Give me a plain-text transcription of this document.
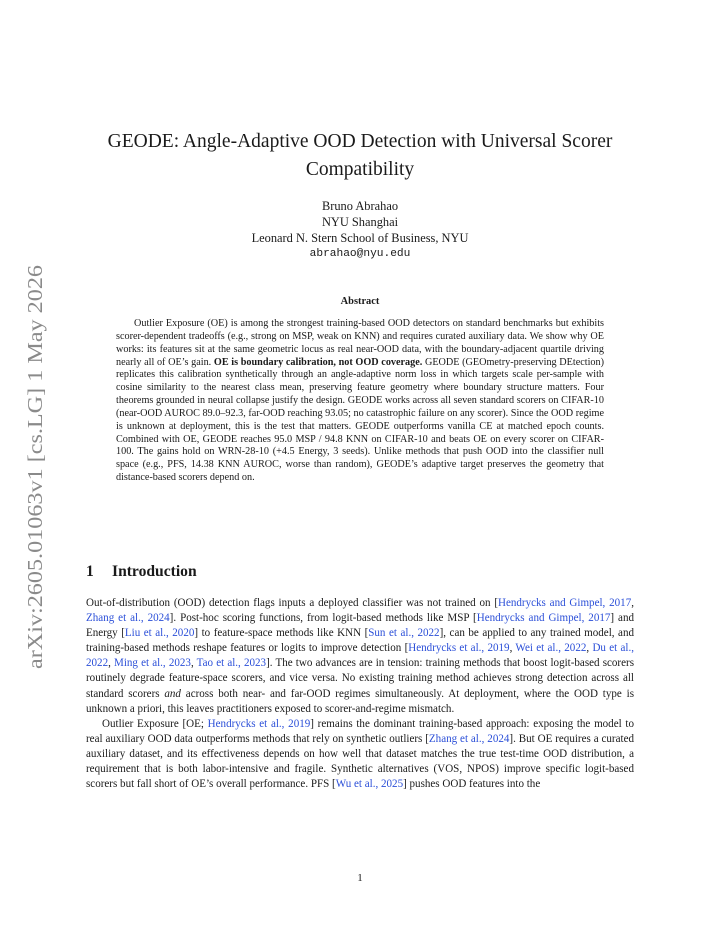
arXiv:2605.01063v1 [cs.LG] 1 May 2026
GEODE: Angle-Adaptive OOD Detection with Universal Scorer Compatibility
Bruno Abrahao
NYU Shanghai
Leonard N. Stern School of Business, NYU
abrahao@nyu.edu
Abstract
Outlier Exposure (OE) is among the strongest training-based OOD detectors on standard benchmarks but exhibits scorer-dependent tradeoffs (e.g., strong on MSP, weak on KNN) and requires curated auxiliary data. We show why OE works: its features sit at the same geometric locus as real near-OOD data, with the boundary-adjacent quartile driving nearly all of OE’s gain. OE is boundary calibration, not OOD coverage. GEODE (GEOmetry-preserving DEtection) replicates this calibration synthetically through an angle-adaptive norm loss in which targets scale per-sample with cosine similarity to the nearest class mean, preserving feature geometry where boundary structure matters. Four theorems grounded in neural collapse justify the design. GEODE works across all seven standard scorers on CIFAR-10 (near-OOD AUROC 89.0–92.3, far-OOD reaching 93.05; no catastrophic failure on any scorer). Since the OOD regime is unknown at deployment, this is the test that matters. GEODE outperforms vanilla CE at matched epoch counts. Combined with OE, GEODE reaches 95.0 MSP / 94.8 KNN on CIFAR-10 and beats OE on every scorer on CIFAR-100. The gains hold on WRN-28-10 (+4.5 Energy, 3 seeds). Unlike methods that push OOD into the classifier null space (e.g., PFS, 14.38 KNN AUROC, worse than random), GEODE’s adaptive target preserves the geometry that distance-based scorers depend on.
1 Introduction

Out-of-distribution (OOD) detection flags inputs a deployed classifier was not trained on [Hendrycks and Gimpel, 2017, Zhang et al., 2024]. Post-hoc scoring functions, from logit-based methods like MSP [Hendrycks and Gimpel, 2017] and Energy [Liu et al., 2020] to feature-space methods like KNN [Sun et al., 2022], can be applied to any trained model, and training-based methods reshape features or logits to improve detection [Hendrycks et al., 2019, Wei et al., 2022, Du et al., 2022, Ming et al., 2023, Tao et al., 2023]. The two advances are in tension: training methods that boost logit-based scorers routinely degrade feature-space scorers, and vice versa. No existing training method achieves strong detection across all standard scorers and across both near- and far-OOD regimes simultaneously. At deployment, where the OOD type is unknown a priori, this leaves practitioners exposed to scorer-and-regime mismatch.

Outlier Exposure [OE; Hendrycks et al., 2019] remains the dominant training-based approach: exposing the model to real auxiliary OOD data outperforms methods that rely on synthetic outliers [Zhang et al., 2024]. But OE requires a curated auxiliary dataset, and its effectiveness depends on how well that dataset matches the true test-time OOD distribution, a requirement that is both labor-intensive and fragile. Synthetic alternatives (VOS, NPOS) improve specific logit-based scorers but fall short of OE’s overall performance. PFS [Wu et al., 2025] pushes OOD features into the

1
